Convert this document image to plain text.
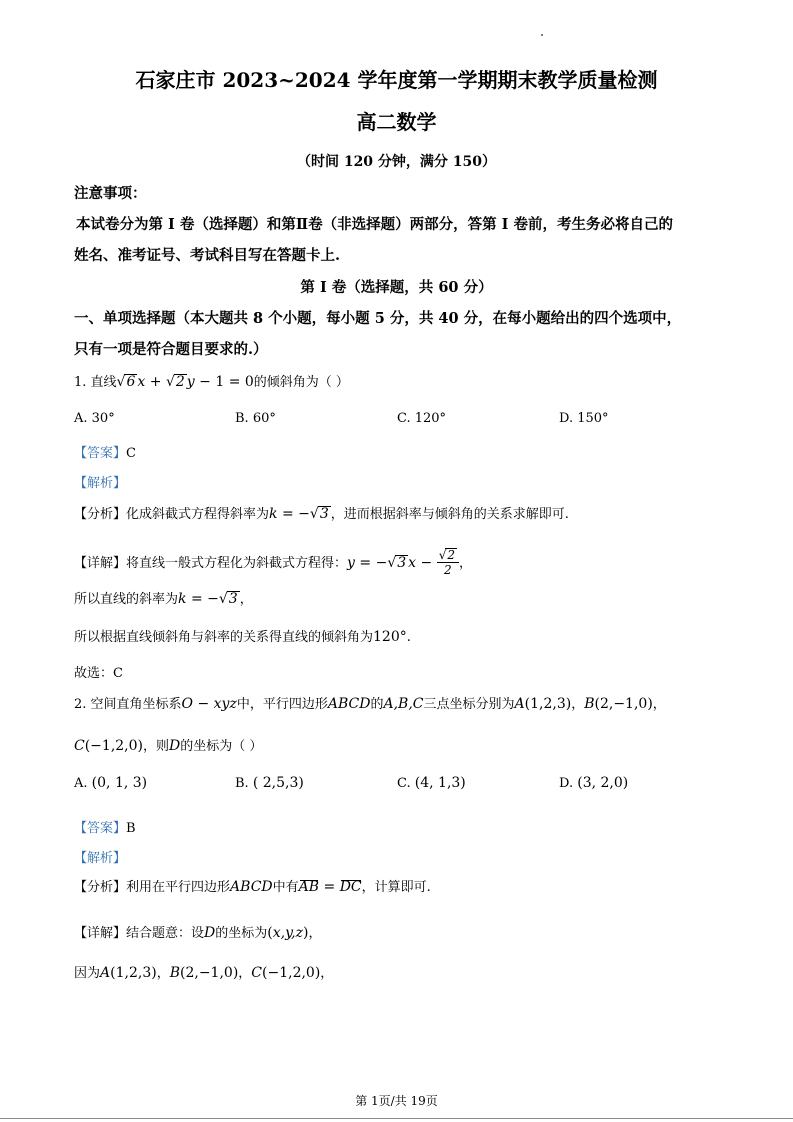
石家庄市 2023~2024 学年度第一学期期末教学质量检测
高二数学
（时间 120 分钟，满分 150）
注意事项：
本试卷分为第 I 卷（选择题）和第Ⅱ卷（非选择题）两部分，答第 I 卷前，考生务必将自己的
姓名、准考证号、考试科目写在答题卡上.
第 I 卷（选择题，共 60 分）
一、单项选择题（本大题共 8 个小题，每小题 5 分，共 40 分，在每小题给出的四个选项中，
只有一项是符合题目要求的.）
1. 直线√6 x + √2 y − 1 = 0的倾斜角为（ ）
A. 30°	B. 60°	C. 120°	D. 150°
【答案】C
【解析】
【分析】化成斜截式方程得斜率为k = −√3 ，进而根据斜率与倾斜角的关系求解即可.
【详解】将直线一般式方程化为斜截式方程得：y = −√3 $x - \frac{√2}{2}$ ，
所以直线的斜率为k = −√3 ，
所以根据直线倾斜角与斜率的关系得直线的倾斜角为120°.
故选：C
2. 空间直角坐标系O − xyz中，平行四边形ABCD的A,B,C三点坐标分别为A(1,2,3)，B(2,−1,0)，
C(−1,2,0)，则D的坐标为（ ）
A. (0, 1, 3)	B. ( 2,5,3)	C. (4, 1,3)	D. (3, 2,0)
【答案】B
【解析】
【分析】利用在平行四边形ABCD中有AB = DC，计算即可.
【详解】结合题意：设D的坐标为(x,y,z)，
因为A(1,2,3)，B(2,−1,0)，C(−1,2,0)，
第 1页/共 19页
